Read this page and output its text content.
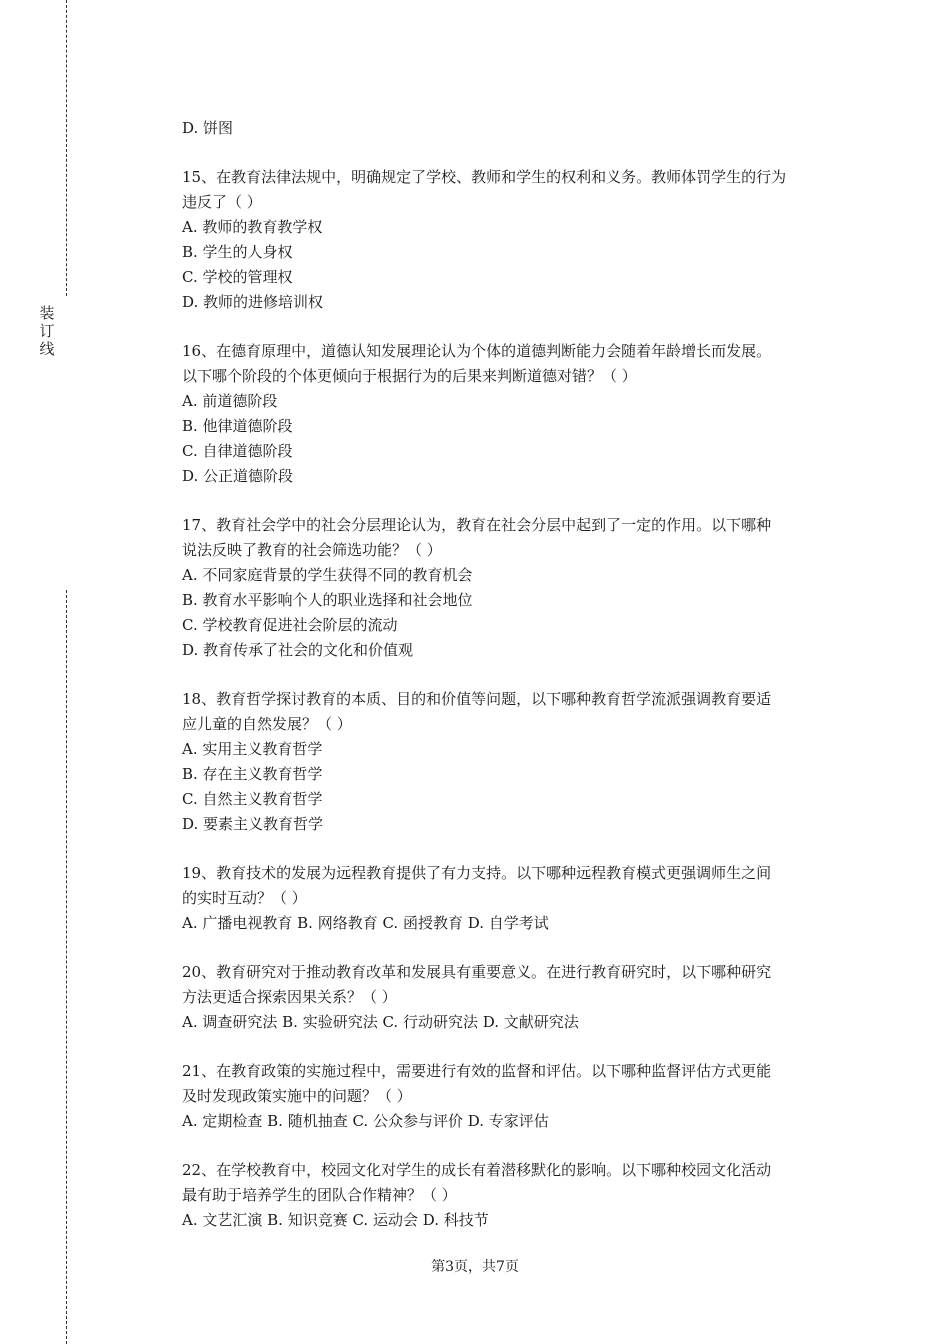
装
订
线
D. 饼图
15、在教育法律法规中，明确规定了学校、教师和学生的权利和义务。教师体罚学生的行为
违反了（ ）
A. 教师的教育教学权
B. 学生的人身权
C. 学校的管理权
D. 教师的进修培训权
16、在德育原理中，道德认知发展理论认为个体的道德判断能力会随着年龄增长而发展。
以下哪个阶段的个体更倾向于根据行为的后果来判断道德对错？（ ）
A. 前道德阶段
B. 他律道德阶段
C. 自律道德阶段
D. 公正道德阶段
17、教育社会学中的社会分层理论认为，教育在社会分层中起到了一定的作用。以下哪种
说法反映了教育的社会筛选功能？（ ）
A. 不同家庭背景的学生获得不同的教育机会
B. 教育水平影响个人的职业选择和社会地位
C. 学校教育促进社会阶层的流动
D. 教育传承了社会的文化和价值观
18、教育哲学探讨教育的本质、目的和价值等问题，以下哪种教育哲学流派强调教育要适
应儿童的自然发展？（ ）
A. 实用主义教育哲学
B. 存在主义教育哲学
C. 自然主义教育哲学
D. 要素主义教育哲学
19、教育技术的发展为远程教育提供了有力支持。以下哪种远程教育模式更强调师生之间
的实时互动？（ ）
A. 广播电视教育 B. 网络教育 C. 函授教育 D. 自学考试
20、教育研究对于推动教育改革和发展具有重要意义。在进行教育研究时，以下哪种研究
方法更适合探索因果关系？（ ）
A. 调查研究法 B. 实验研究法 C. 行动研究法 D. 文献研究法
21、在教育政策的实施过程中，需要进行有效的监督和评估。以下哪种监督评估方式更能
及时发现政策实施中的问题？（ ）
A. 定期检查 B. 随机抽查 C. 公众参与评价 D. 专家评估
22、在学校教育中，校园文化对学生的成长有着潜移默化的影响。以下哪种校园文化活动
最有助于培养学生的团队合作精神？（ ）
A. 文艺汇演 B. 知识竞赛 C. 运动会 D. 科技节
第3页，共7页
